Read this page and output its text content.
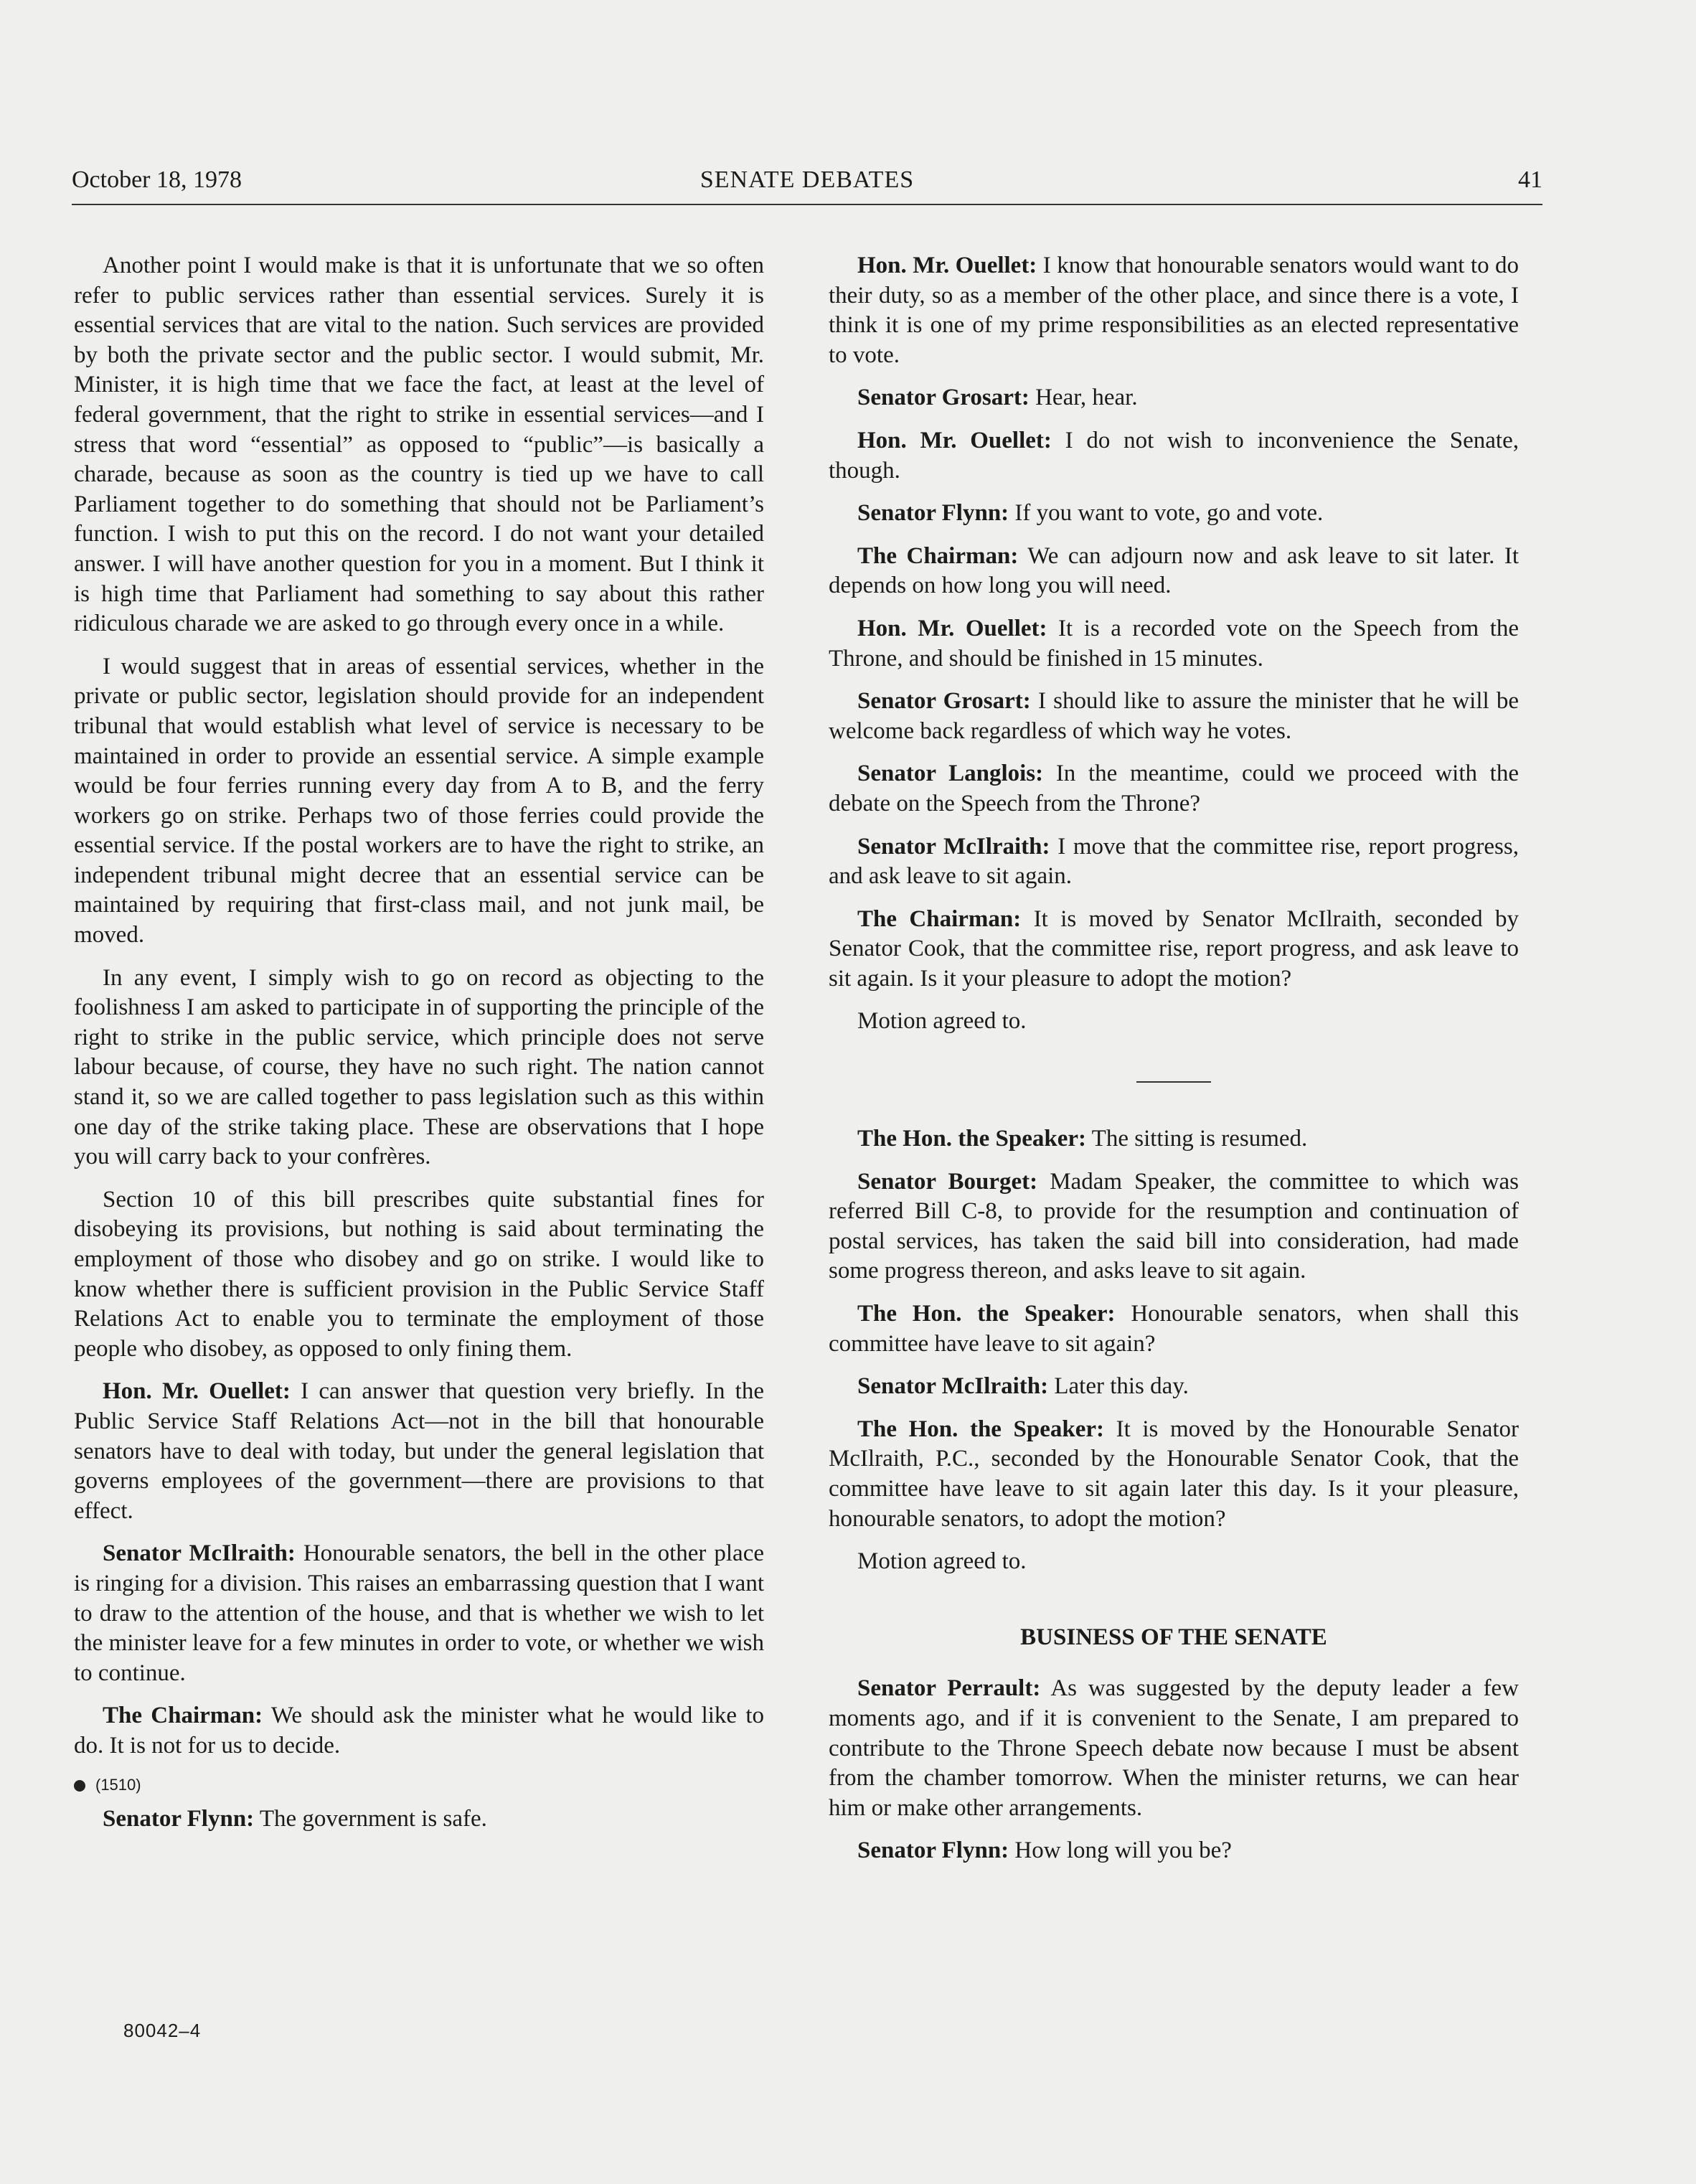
October 18, 1978	SENATE DEBATES	41

Another point I would make is that it is unfortunate that we so often refer to public services rather than essential services. Surely it is essential services that are vital to the nation. Such services are provided by both the private sector and the public sector. I would submit, Mr. Minister, it is high time that we face the fact, at least at the level of federal government, that the right to strike in essential services—and I stress that word “essential” as opposed to “public”—is basically a charade, because as soon as the country is tied up we have to call Parliament together to do something that should not be Parliament’s function. I wish to put this on the record. I do not want your detailed answer. I will have another question for you in a moment. But I think it is high time that Parliament had something to say about this rather ridiculous charade we are asked to go through every once in a while.

I would suggest that in areas of essential services, whether in the private or public sector, legislation should provide for an independent tribunal that would establish what level of service is necessary to be maintained in order to provide an essential service. A simple example would be four ferries running every day from A to B, and the ferry workers go on strike. Perhaps two of those ferries could provide the essential service. If the postal workers are to have the right to strike, an independent tribunal might decree that an essential service can be maintained by requiring that first-class mail, and not junk mail, be moved.

In any event, I simply wish to go on record as objecting to the foolishness I am asked to participate in of supporting the principle of the right to strike in the public service, which principle does not serve labour because, of course, they have no such right. The nation cannot stand it, so we are called together to pass legislation such as this within one day of the strike taking place. These are observations that I hope you will carry back to your confrères.

Section 10 of this bill prescribes quite substantial fines for disobeying its provisions, but nothing is said about terminating the employment of those who disobey and go on strike. I would like to know whether there is sufficient provision in the Public Service Staff Relations Act to enable you to terminate the employment of those people who disobey, as opposed to only fining them.

Hon. Mr. Ouellet: I can answer that question very briefly. In the Public Service Staff Relations Act—not in the bill that honourable senators have to deal with today, but under the general legislation that governs employees of the government—there are provisions to that effect.

Senator McIlraith: Honourable senators, the bell in the other place is ringing for a division. This raises an embarrassing question that I want to draw to the attention of the house, and that is whether we wish to let the minister leave for a few minutes in order to vote, or whether we wish to continue.

The Chairman: We should ask the minister what he would like to do. It is not for us to decide.

(1510)

Senator Flynn: The government is safe.

Hon. Mr. Ouellet: I know that honourable senators would want to do their duty, so as a member of the other place, and since there is a vote, I think it is one of my prime responsibilities as an elected representative to vote.

Senator Grosart: Hear, hear.

Hon. Mr. Ouellet: I do not wish to inconvenience the Senate, though.

Senator Flynn: If you want to vote, go and vote.

The Chairman: We can adjourn now and ask leave to sit later. It depends on how long you will need.

Hon. Mr. Ouellet: It is a recorded vote on the Speech from the Throne, and should be finished in 15 minutes.

Senator Grosart: I should like to assure the minister that he will be welcome back regardless of which way he votes.

Senator Langlois: In the meantime, could we proceed with the debate on the Speech from the Throne?

Senator McIlraith: I move that the committee rise, report progress, and ask leave to sit again.

The Chairman: It is moved by Senator McIlraith, seconded by Senator Cook, that the committee rise, report progress, and ask leave to sit again. Is it your pleasure to adopt the motion?

Motion agreed to.

The Hon. the Speaker: The sitting is resumed.

Senator Bourget: Madam Speaker, the committee to which was referred Bill C-8, to provide for the resumption and continuation of postal services, has taken the said bill into consideration, had made some progress thereon, and asks leave to sit again.

The Hon. the Speaker: Honourable senators, when shall this committee have leave to sit again?

Senator McIlraith: Later this day.

The Hon. the Speaker: It is moved by the Honourable Senator McIlraith, P.C., seconded by the Honourable Senator Cook, that the committee have leave to sit again later this day. Is it your pleasure, honourable senators, to adopt the motion?

Motion agreed to.

BUSINESS OF THE SENATE

Senator Perrault: As was suggested by the deputy leader a few moments ago, and if it is convenient to the Senate, I am prepared to contribute to the Throne Speech debate now because I must be absent from the chamber tomorrow. When the minister returns, we can hear him or make other arrangements.

Senator Flynn: How long will you be?

80042–4
